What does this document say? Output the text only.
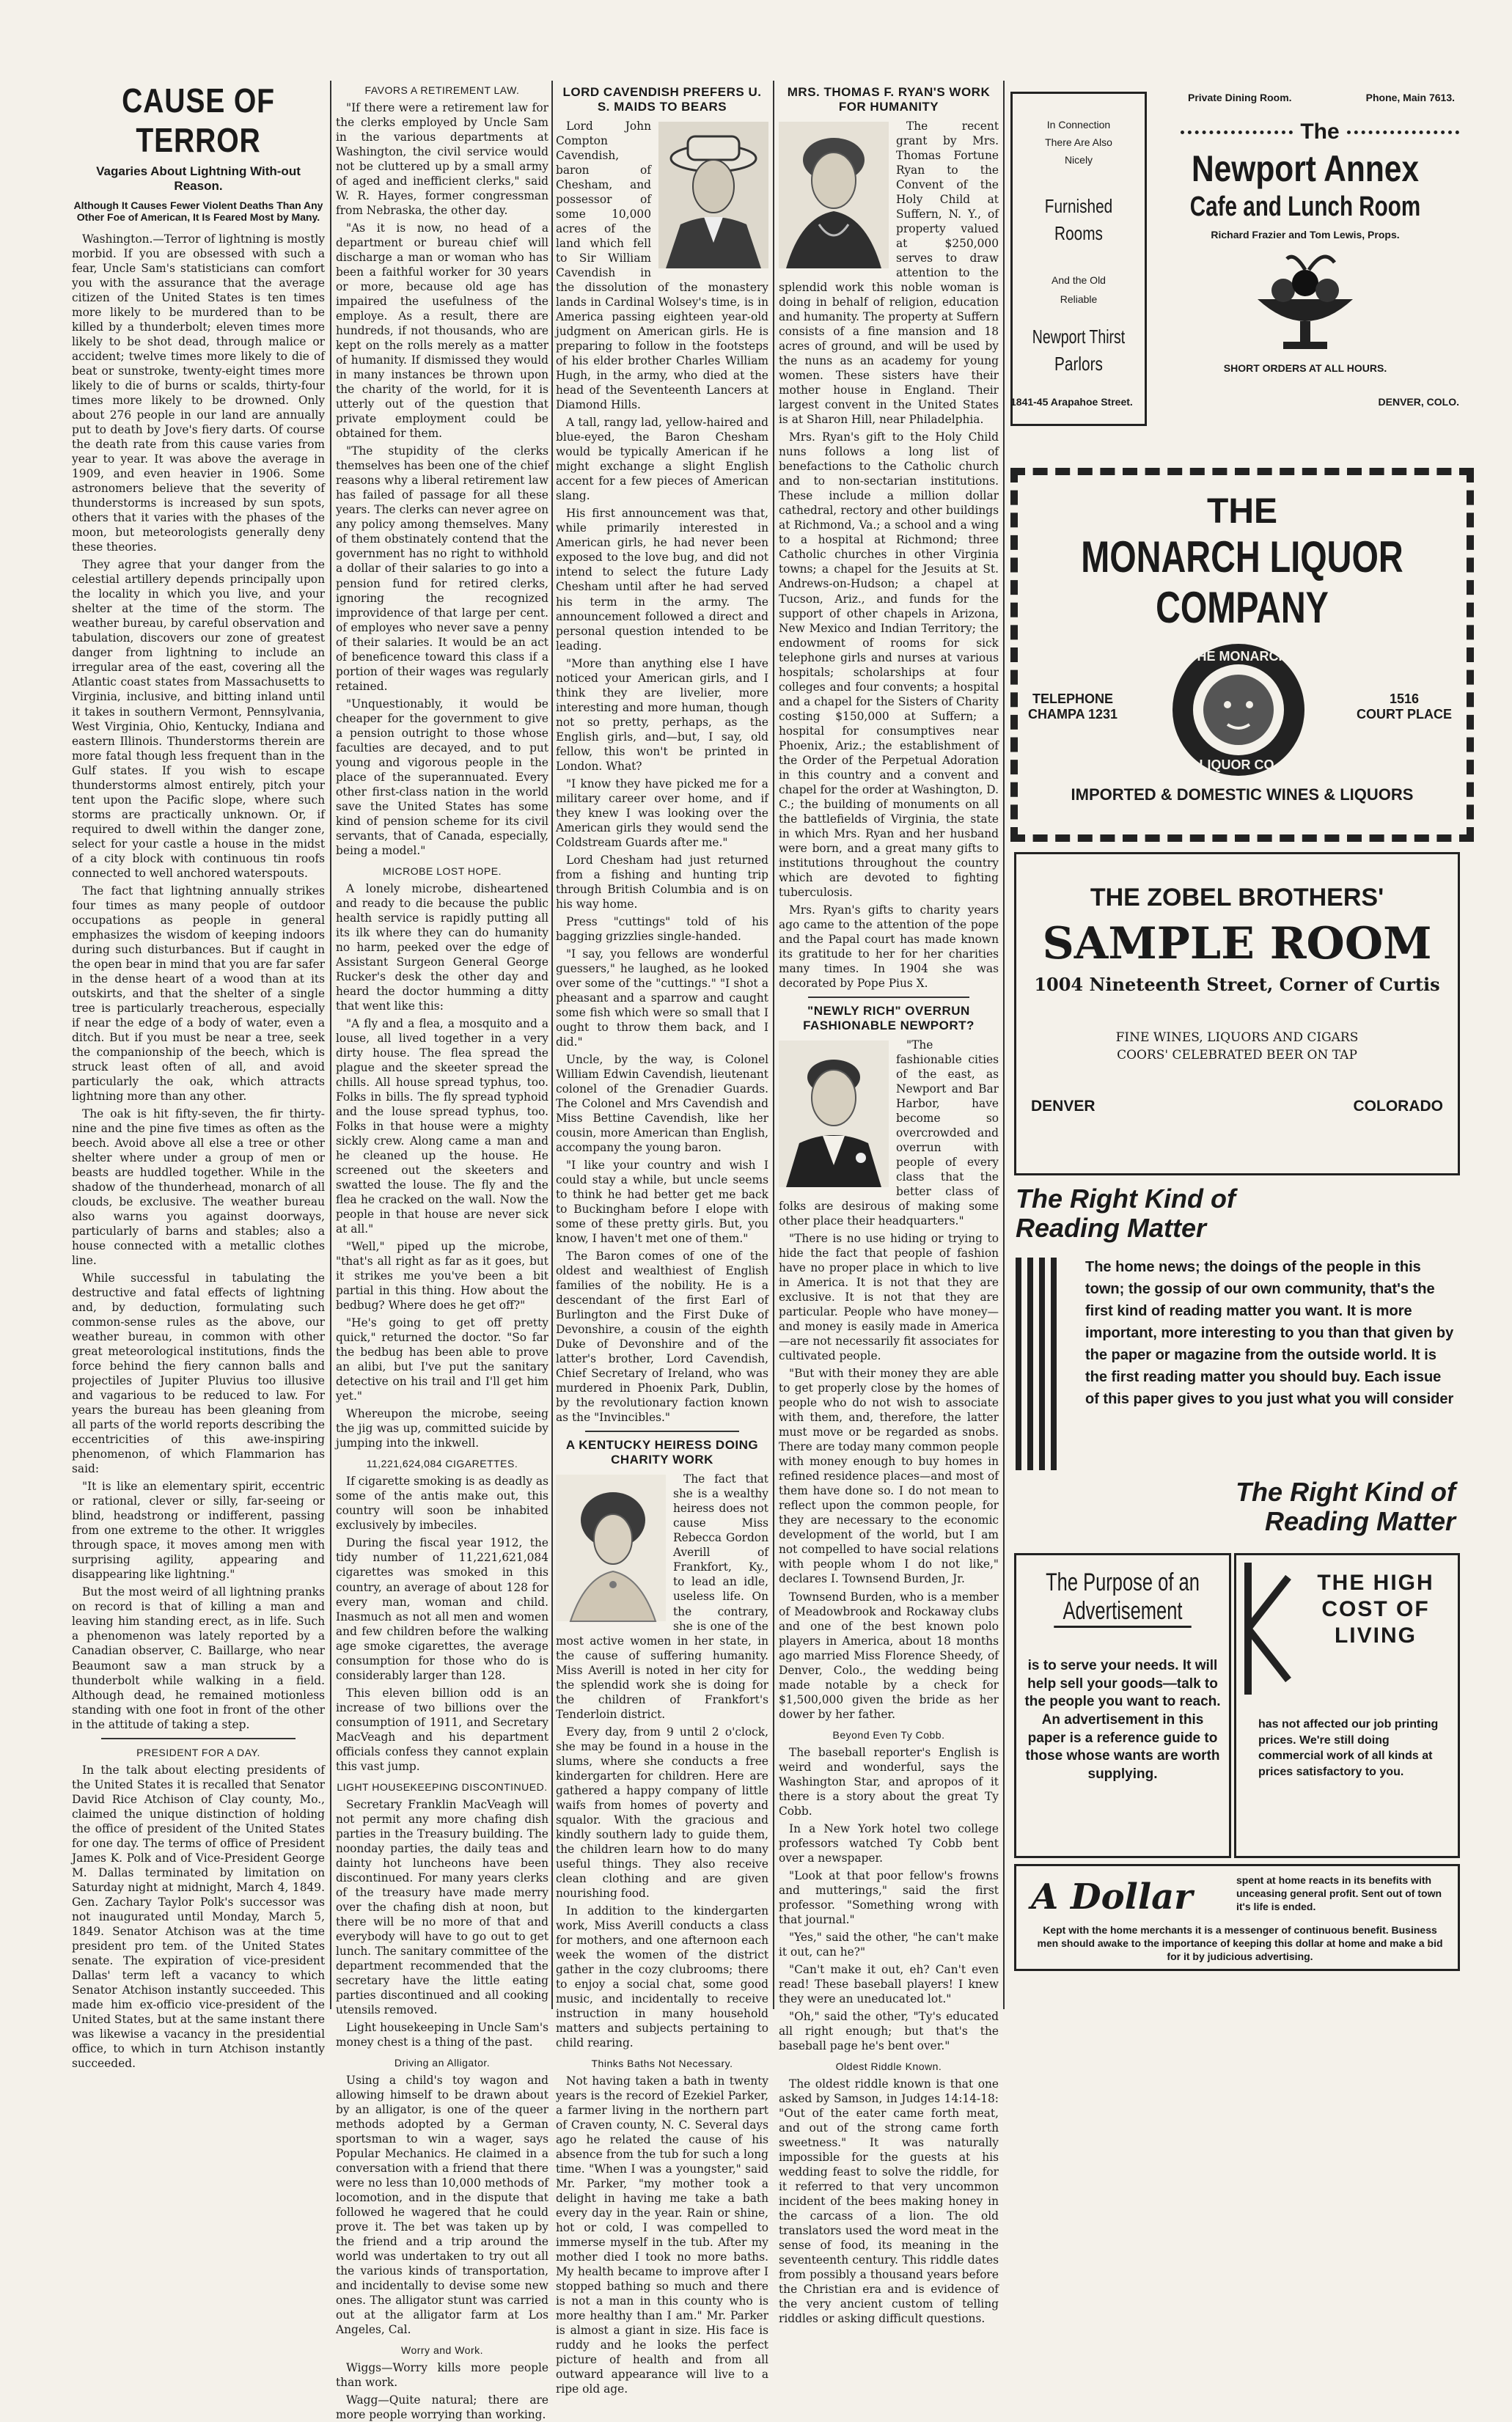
CAUSE OF TERROR
Vagaries About Lightning With-out Reason.
Although It Causes Fewer Violent Deaths Than Any Other Foe of American, It Is Feared Most by Many.

Washington.—Terror of lightning is mostly morbid. If you are obsessed with such a fear, Uncle Sam's statisticians can comfort you with the assurance that the average citizen of the United States is ten times more likely to be murdered than to be killed by a thunderbolt; eleven times more likely to be shot dead, through malice or accident; twelve times more likely to die of beat or sunstroke, twenty-eight times more likely to die of burns or scalds, thirty-four times more likely to be drowned. Only about 276 people in our land are annually put to death by Jove's fiery darts. Of course the death rate from this cause varies from year to year. It was above the average in 1909, and even heavier in 1906. Some astronomers believe that the severity of thunderstorms is increased by sun spots, others that it varies with the phases of the moon, but meteorologists generally deny these theories.

They agree that your danger from the celestial artillery depends principally upon the locality in which you live, and your shelter at the time of the storm. The weather bureau, by careful observation and tabulation, discovers our zone of greatest danger from lightning to include an irregular area of the east, covering all the Atlantic coast states from Massachusetts to Virginia, inclusive, and bitting inland until it takes in southern Vermont, Pennsylvania, West Virginia, Ohio, Kentucky, Indiana and eastern Illinois. Thunderstorms therein are more fatal though less frequent than in the Gulf states. If you wish to escape thunderstorms almost entirely, pitch your tent upon the Pacific slope, where such storms are practically unknown. Or, if required to dwell within the danger zone, select for your castle a house in the midst of a city block with continuous tin roofs connected to well anchored waterspouts.

The fact that lightning annually strikes four times as many people of outdoor occupations as people in general emphasizes the wisdom of keeping indoors during such disturbances. But if caught in the open bear in mind that you are far safer in the dense heart of a wood than at its outskirts, and that the shelter of a single tree is particularly treacherous, especially if near the edge of a body of water, even a ditch. But if you must be near a tree, seek the companionship of the beech, which is struck least often of all, and avoid particularly the oak, which attracts lightning more than any other.

The oak is hit fifty-seven, the fir thirty-nine and the pine five times as often as the beech. Avoid above all else a tree or other shelter where under a group of men or beasts are huddled together. While in the shadow of the thunderhead, monarch of all clouds, be exclusive. The weather bureau also warns you against doorways, particularly of barns and stables; also a house connected with a metallic clothes line.

While successful in tabulating the destructive and fatal effects of lightning and, by deduction, formulating such common-sense rules as the above, our weather bureau, in common with other great meteorological institutions, finds the force behind the fiery cannon balls and projectiles of Jupiter Pluvius too illusive and vagarious to be reduced to law. For years the bureau has been gleaning from all parts of the world reports describing the eccentricities of this awe-inspiring phenomenon, of which Flammarion has said:

"It is like an elementary spirit, eccentric or rational, clever or silly, far-seeing or blind, headstrong or indifferent, passing from one extreme to the other. It wriggles through space, it moves among men with surprising agility, appearing and disappearing like lightning."

But the most weird of all lightning pranks on record is that of killing a man and leaving him standing erect, as in life. Such a phenomenon was lately reported by a Canadian observer, C. Baillarge, who near Beaumont saw a man struck by a thunderbolt while walking in a field. Although dead, he remained motionless standing with one foot in front of the other in the attitude of taking a step.

PRESIDENT FOR A DAY.

In the talk about electing presidents of the United States it is recalled that Senator David Rice Atchison of Clay county, Mo., claimed the unique distinction of holding the office of president of the United States for one day. The terms of office of President James K. Polk and of Vice-President George M. Dallas terminated by limitation on Saturday night at midnight, March 4, 1849. Gen. Zachary Taylor Polk's successor was not inaugurated until Monday, March 5, 1849. Senator Atchison was at the time president pro tem. of the United States senate. The expiration of vice-president Dallas' term left a vacancy to which Senator Atchison instantly succeeded. This made him ex-officio vice-president of the United States, but at the same instant there was likewise a vacancy in the presidential office, to which in turn Atchison instantly succeeded.

FAVORS A RETIREMENT LAW.

"If there were a retirement law for the clerks employed by Uncle Sam in the various departments at Washington, the civil service would not be cluttered up by a small army of aged and inefficient clerks," said W. R. Hayes, former congressman from Nebraska, the other day.

"As it is now, no head of a department or bureau chief will discharge a man or woman who has been a faithful worker for 30 years or more, because old age has impaired the usefulness of the employe. As a result, there are hundreds, if not thousands, who are kept on the rolls merely as a matter of humanity. If dismissed they would in many instances be thrown upon the charity of the world, for it is utterly out of the question that private employment could be obtained for them.

"The stupidity of the clerks themselves has been one of the chief reasons why a liberal retirement law has failed of passage for all these years. The clerks can never agree on any policy among themselves. Many of them obstinately contend that the government has no right to withhold a dollar of their salaries to go into a pension fund for retired clerks, ignoring the recognized improvidence of that large per cent. of employes who never save a penny of their salaries. It would be an act of beneficence toward this class if a portion of their wages was regularly retained.

"Unquestionably, it would be cheaper for the government to give a pension outright to those whose faculties are decayed, and to put young and vigorous people in the place of the superannuated. Every other first-class nation in the world save the United States has some kind of pension scheme for its civil servants, that of Canada, especially, being a model."

MICROBE LOST HOPE.

A lonely microbe, disheartened and ready to die because the public health service is rapidly putting all its ilk where they can do humanity no harm, peeked over the edge of Assistant Surgeon General George Rucker's desk the other day and heard the doctor humming a ditty that went like this:

"A fly and a flea, a mosquito and a louse, all lived together in a very dirty house. The flea spread the plague and the skeeter spread the chills. All house spread typhus, too. Folks in bills. The fly spread typhoid and the louse spread typhus, too. Folks in that house were a mighty sickly crew. Along came a man and he cleaned up the house. He screened out the skeeters and swatted the louse. The fly and the flea he cracked on the wall. Now the people in that house are never sick at all."

"Well," piped up the microbe, "that's all right as far as it goes, but it strikes me you've been a bit partial in this thing. How about the bedbug? Where does he get off?"

"He's going to get off pretty quick," returned the doctor. "So far the bedbug has been able to prove an alibi, but I've put the sanitary detective on his trail and I'll get him yet."

Whereupon the microbe, seeing the jig was up, committed suicide by jumping into the inkwell.

11,221,624,084 CIGARETTES.

If cigarette smoking is as deadly as some of the antis make out, this country will soon be inhabited exclusively by imbeciles.

During the fiscal year 1912, the tidy number of 11,221,621,084 cigarettes was smoked in this country, an average of about 128 for every man, woman and child. Inasmuch as not all men and women and few children before the walking age smoke cigarettes, the average consumption for those who do is considerably larger than 128.

This eleven billion odd is an increase of two billions over the consumption of 1911, and Secretary MacVeagh and his department officials confess they cannot explain this vast jump.

LIGHT HOUSEKEEPING DISCONTINUED.

Secretary Franklin MacVeagh will not permit any more chafing dish parties in the Treasury building. The noonday parties, the daily teas and dainty hot luncheons have been discontinued. For many years clerks of the treasury have made merry over the chafing dish at noon, but there will be no more of that and everybody will have to go out to get lunch. The sanitary committee of the department recommended that the secretary have the little eating parties discontinued and all cooking utensils removed.

Light housekeeping in Uncle Sam's money chest is a thing of the past.

Driving an Alligator.

Using a child's toy wagon and allowing himself to be drawn about by an alligator, is one of the queer methods adopted by a German sportsman to win a wager, says Popular Mechanics. He claimed in a conversation with a friend that there were no less than 10,000 methods of locomotion, and in the dispute that followed he wagered that he could prove it. The bet was taken up by the friend and a trip around the world was undertaken to try out all the various kinds of transportation, and incidentally to devise some new ones. The alligator stunt was carried out at the alligator farm at Los Angeles, Cal.

Worry and Work.

Wiggs—Worry kills more people than work.

Wagg—Quite natural; there are more people worrying than working.

LORD CAVENDISH PREFERS U. S. MAIDS TO BEARS

Lord John Compton Cavendish, baron of Chesham, and possessor of some 10,000 acres of the land which fell to Sir William Cavendish in the dissolution of the monastery lands in Cardinal Wolsey's time, is in America passing eighteen year-old judgment on American girls. He is preparing to follow in the footsteps of his elder brother Charles William Hugh, in the army, who died at the head of the Seventeenth Lancers at Diamond Hills.

A tall, rangy lad, yellow-haired and blue-eyed, the Baron Chesham would be typically American if he might exchange a slight English accent for a few pieces of American slang.

His first announcement was that, while primarily interested in American girls, he had never been exposed to the love bug, and did not intend to select the future Lady Chesham until after he had served his term in the army. The announcement followed a direct and personal question intended to be leading.

"More than anything else I have noticed your American girls, and I think they are livelier, more interesting and more human, though not so pretty, perhaps, as the English girls, and—but, I say, old fellow, this won't be printed in London. What?

"I know they have picked me for a military career over home, and if they knew I was looking over the American girls they would send the Coldstream Guards after me."

Lord Chesham had just returned from a fishing and hunting trip through British Columbia and is on his way home.

Press "cuttings" told of his bagging grizzlies single-handed.

"I say, you fellows are wonderful guessers," he laughed, as he looked over some of the "cuttings." "I shot a pheasant and a sparrow and caught some fish which were so small that I ought to throw them back, and I did."

Uncle, by the way, is Colonel William Edwin Cavendish, lieutenant colonel of the Grenadier Guards. The Colonel and Mrs Cavendish and Miss Bettine Cavendish, like her cousin, more American than English, accompany the young baron.

"I like your country and wish I could stay a while, but uncle seems to think he had better get me back to Buckingham before I elope with some of these pretty girls. But, you know, I haven't met one of them."

The Baron comes of one of the oldest and wealthiest of English families of the nobility. He is a descendant of the first Earl of Burlington and the First Duke of Devonshire, a cousin of the eighth Duke of Devonshire and of the latter's brother, Lord Cavendish, Chief Secretary of Ireland, who was murdered in Phoenix Park, Dublin, by the revolutionary faction known as the "Invincibles."

A KENTUCKY HEIRESS DOING CHARITY WORK

The fact that she is a wealthy heiress does not cause Miss Rebecca Gordon Averill of Frankfort, Ky., to lead an idle, useless life. On the contrary, she is one of the most active women in her state, in the cause of suffering humanity. Miss Averill is noted in her city for the splendid work she is doing for the children of Frankfort's Tenderloin district.

Every day, from 9 until 2 o'clock, she may be found in a house in the slums, where she conducts a free kindergarten for children. Here are gathered a happy company of little waifs from homes of poverty and squalor. With the gracious and kindly southern lady to guide them, the children learn how to do many useful things. They also receive clean clothing and are given nourishing food.

In addition to the kindergarten work, Miss Averill conducts a class for mothers, and one afternoon each week the women of the district gather in the cozy clubrooms; there to enjoy a social chat, some good music, and incidentally to receive instruction in many household matters and subjects pertaining to child rearing.

Thinks Baths Not Necessary.

Not having taken a bath in twenty years is the record of Ezekiel Parker, a farmer living in the northern part of Craven county, N. C. Several days ago he related the cause of his absence from the tub for such a long time. "When I was a youngster," said Mr. Parker, "my mother took a delight in having me take a bath every day in the year. Rain or shine, hot or cold, I was compelled to immerse myself in the tub. After my mother died I took no more baths. My health became to improve after I stopped bathing so much and there is not a man in this county who is more healthy than I am." Mr. Parker is almost a giant in size. His face is ruddy and he looks the perfect picture of health and from all outward appearance will live to a ripe old age.

MRS. THOMAS F. RYAN'S WORK FOR HUMANITY

The recent grant by Mrs. Thomas Fortune Ryan to the Convent of the Holy Child at Suffern, N. Y., of property valued at $250,000 serves to draw attention to the splendid work this noble woman is doing in behalf of religion, education and humanity. The property at Suffern consists of a fine mansion and 18 acres of ground, and will be used by the nuns as an academy for young women. These sisters have their mother house in England. Their largest convent in the United States is at Sharon Hill, near Philadelphia.

Mrs. Ryan's gift to the Holy Child nuns follows a long list of benefactions to the Catholic church and to non-sectarian institutions. These include a million dollar cathedral, rectory and other buildings at Richmond, Va.; a school and a wing to a hospital at Richmond; three Catholic churches in other Virginia towns; a chapel for the Jesuits at St. Andrews-on-Hudson; a chapel at Tucson, Ariz., and funds for the support of other chapels in Arizona, New Mexico and Indian Territory; the endowment of rooms for sick telephone girls and nurses at various hospitals; scholarships at four colleges and four convents; a hospital and a chapel for the Sisters of Charity costing $150,000 at Suffern; a hospital for consumptives near Phoenix, Ariz.; the establishment of the Order of the Perpetual Adoration in this country and a convent and chapel for the order at Washington, D. C.; the building of monuments on all the battlefields of Virginia, the state in which Mrs. Ryan and her husband were born, and a great many gifts to institutions throughout the country which are devoted to fighting tuberculosis.

Mrs. Ryan's gifts to charity years ago came to the attention of the pope and the Papal court has made known its gratitude to her for her charities many times. In 1904 she was decorated by Pope Pius X.

"NEWLY RICH" OVERRUN FASHIONABLE NEWPORT?

"The fashionable cities of the east, as Newport and Bar Harbor, have become so overcrowded and overrun with people of every class that the better class of folks are desirous of making some other place their headquarters."

"There is no use hiding or trying to hide the fact that people of fashion have no proper place in which to live in America. It is not that they are exclusive. It is not that they are particular. People who have money—and money is easily made in America—are not necessarily fit associates for cultivated people.

"But with their money they are able to get properly close by the homes of people who do not wish to associate with them, and, therefore, the latter must move or be regarded as snobs. There are today many common people with money enough to buy homes in refined residence places—and most of them have done so. I do not mean to reflect upon the common people, for they are necessary to the economic development of the world, but I am not compelled to have social relations with people whom I do not like," declares I. Townsend Burden, Jr.

Townsend Burden, who is a member of Meadowbrook and Rockaway clubs and one of the best known polo players in America, about 18 months ago married Miss Florence Sheedy, of Denver, Colo., the wedding being made notable by a check for $1,500,000 given the bride as her dower by her father.

Beyond Even Ty Cobb.

The baseball reporter's English is weird and wonderful, says the Washington Star, and apropos of it there is a story about the great Ty Cobb.

In a New York hotel two college professors watched Ty Cobb bent over a newspaper.

"Look at that poor fellow's frowns and mutterings," said the first professor. "Something wrong with that journal."

"Yes," said the other, "he can't make it out, can he?"

"Can't make it out, eh? Can't even read! These baseball players! I knew they were an uneducated lot."

"Oh," said the other, "Ty's educated all right enough; but that's the baseball page he's bent over."

Oldest Riddle Known.

The oldest riddle known is that one asked by Samson, in Judges 14:14-18: "Out of the eater came forth meat, and out of the strong came forth sweetness." It was naturally impossible for the guests at his wedding feast to solve the riddle, for it referred to that very uncommon incident of the bees making honey in the carcass of a lion. The old translators used the word meat in the sense of food, its meaning in the seventeenth century. This riddle dates from possibly a thousand years before the Christian era and is evidence of the very ancient custom of telling riddles or asking difficult questions.

In Connection
There Are Also
Nicely
Furnished
Rooms
And the Old
Reliable
Newport Thirst
Parlors
Private Dining Room.	Phone, Main 7613.
The
Newport Annex
Cafe and Lunch Room
Richard Frazier and Tom Lewis, Props.
SHORT ORDERS AT ALL HOURS.
1841-45 Arapahoe Street.	DENVER, COLO.
THE
MONARCH LIQUOR
COMPANY
TELEPHONE
CHAMPA 1231
THE MONARCH
LIQUOR CO.
1516
COURT PLACE
IMPORTED & DOMESTIC WINES & LIQUORS
THE ZOBEL BROTHERS'
SAMPLE ROOM
1004 Nineteenth Street, Corner of Curtis
FINE WINES, LIQUORS AND CIGARS
COORS' CELEBRATED BEER ON TAP
DENVER	COLORADO
The Right Kind of Reading Matter
The home news; the doings of the people in this town; the gossip of our own community, that's the first kind of reading matter you want. It is more important, more interesting to you than that given by the paper or magazine from the outside world. It is the first reading matter you should buy. Each issue of this paper gives to you just what you will consider
The Right Kind of Reading Matter
The Purpose of an
Advertisement
is to serve your needs. It will help sell your goods—talk to the people you want to reach. An advertisement in this paper is a reference guide to those whose wants are worth supplying.
THE HIGH
COST OF
LIVING
has not affected our job printing prices. We're still doing commercial work of all kinds at prices satisfactory to you.
A Dollar	spent at home reacts in its benefits with unceasing general profit. Sent out of town it's life is ended.
Kept with the home merchants it is a messenger of continuous benefit. Business men should awake to the importance of keeping this dollar at home and make a bid for it by judicious advertising.
